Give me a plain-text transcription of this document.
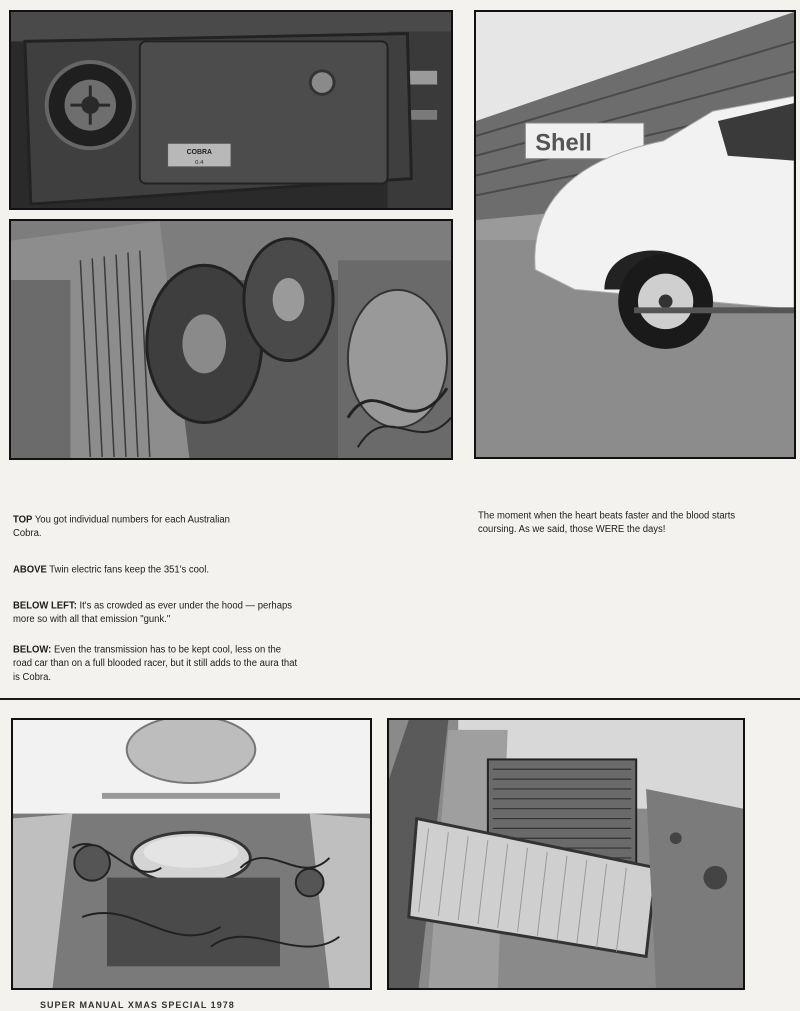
COBRA
0.4
Shell
TOP You got individual numbers for each Australian Cobra.
ABOVE Twin electric fans keep the 351's cool.
BELOW LEFT: It's as crowded as ever under the hood — perhaps more so with all that emission "gunk."
BELOW: Even the transmission has to be kept cool, less on the road car than on a full blooded racer, but it still adds to the aura that is Cobra.
The moment when the heart beats faster and the blood starts coursing. As we said, those WERE the days!
SUPER MANUAL XMAS SPECIAL 1978
